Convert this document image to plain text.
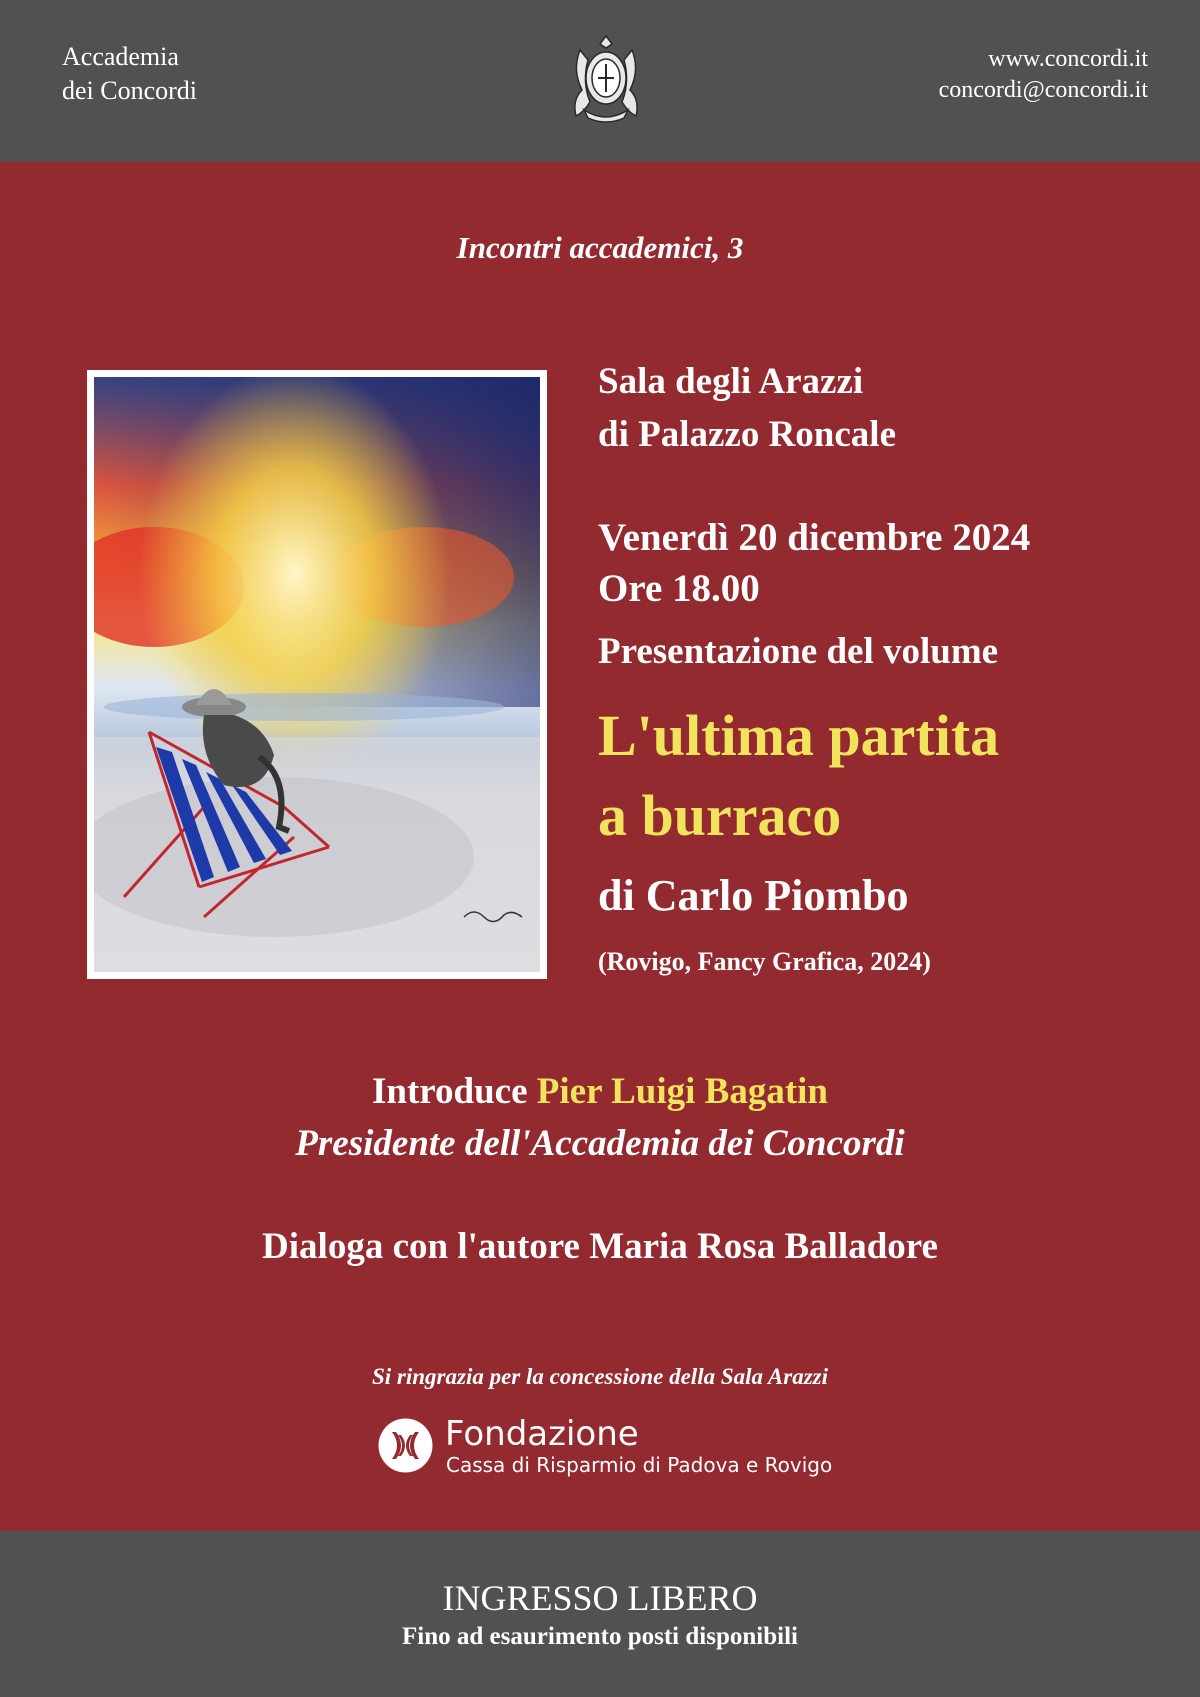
Accademia
dei Concordi
www.concordi.it
concordi@concordi.it
Incontri accademici, 3
Sala degli Arazzi
di Palazzo Roncale
Venerdì 20 dicembre 2024
Ore 18.00
Presentazione del volume
L'ultima partita
a burraco
di Carlo Piombo
(Rovigo, Fancy Grafica, 2024)
Introduce Pier Luigi Bagatin
Presidente dell'Accademia dei Concordi
Dialoga con l'autore Maria Rosa Balladore
Si ringrazia per la concessione della Sala Arazzi
Fondazione
Cassa di Risparmio di Padova e Rovigo
INGRESSO LIBERO
Fino ad esaurimento posti disponibili
